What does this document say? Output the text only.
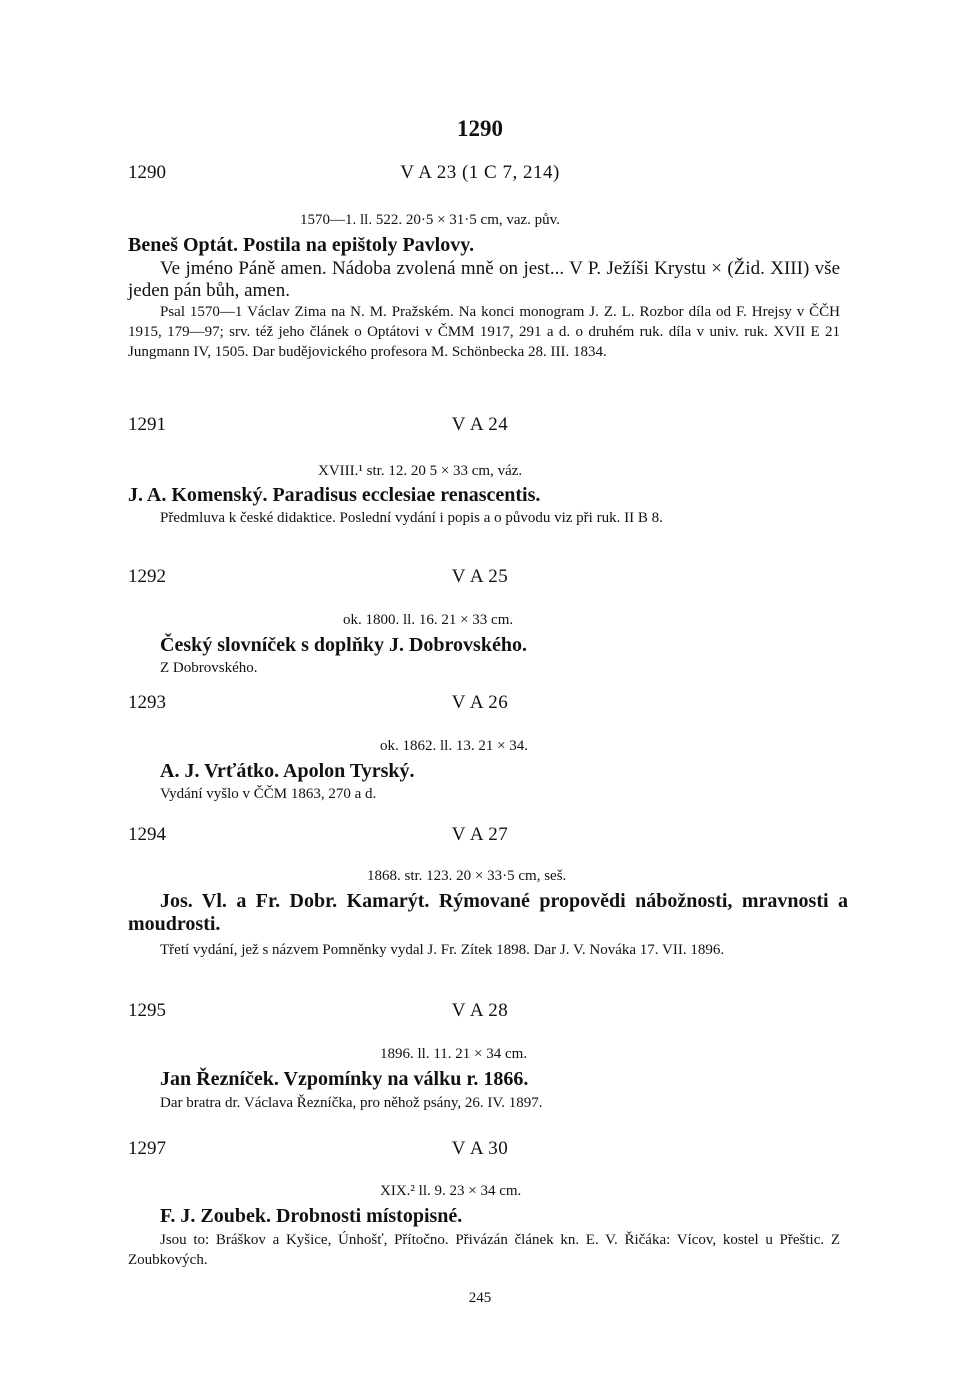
1290
1290	V A 23 (1 C 7, 214)
1570—1. ll. 522. 20·5 × 31·5 cm, vaz. pův.
Beneš Optát. Postila na epištoly Pavlovy.
Ve jméno Páně amen. Nádoba zvolená mně on jest... V P. Ježíši Krystu × (Žid. XIII) vše jeden pán bůh, amen.
Psal 1570—1 Václav Zima na N. M. Pražském. Na konci monogram J. Z. L. Rozbor díla od F. Hrejsy v ČČH 1915, 179—97; srv. též jeho článek o Optátovi v ČMM 1917, 291 a d. o druhém ruk. díla v univ. ruk. XVII E 21 Jungmann IV, 1505. Dar budějovického profesora M. Schönbecka 28. III. 1834.
1291	V A 24
XVIII.¹ str. 12. 20 5 × 33 cm, váz.
J. A. Komenský. Paradisus ecclesiae renascentis.
Předmluva k české didaktice. Poslední vydání i popis a o původu viz při ruk. II B 8.
1292	V A 25
ok. 1800. ll. 16. 21 × 33 cm.
Český slovníček s doplňky J. Dobrovského.
Z Dobrovského.
1293	V A 26
ok. 1862. ll. 13. 21 × 34.
A. J. Vrťátko. Apolon Tyrský.
Vydání vyšlo v ČČM 1863, 270 a d.
1294	V A 27
1868. str. 123. 20 × 33·5 cm, seš.
Jos. Vl. a Fr. Dobr. Kamarýt. Rýmované propovědi nábožnosti, mravnosti a moudrosti.
Třetí vydání, jež s názvem Pomněnky vydal J. Fr. Zítek 1898. Dar J. V. Nováka 17. VII. 1896.
1295	V A 28
1896. ll. 11. 21 × 34 cm.
Jan Řezníček. Vzpomínky na válku r. 1866.
Dar bratra dr. Václava Řezníčka, pro něhož psány, 26. IV. 1897.
1297	V A 30
XIX.² ll. 9. 23 × 34 cm.
F. J. Zoubek. Drobnosti místopisné.
Jsou to: Bráškov a Kyšice, Únhošť, Přítočno. Přivázán článek kn. E. V. Řičáka: Vícov, kostel u Přeštic. Z Zoubkových.
245
